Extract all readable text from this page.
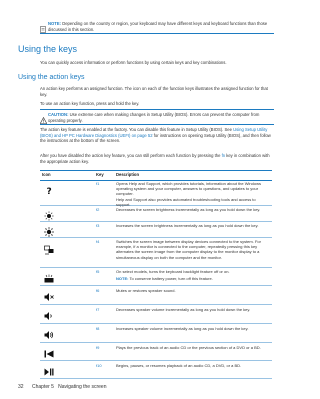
NOTE: Depending on the country or region, your keyboard may have different keys and keyboard functions than those discussed in this section.
Using the keys
You can quickly access information or perform functions by using certain keys and key combinations.
Using the action keys
An action key performs an assigned function. The icon on each of the function keys illustrates the assigned function for that key.
To use an action key function, press and hold the key.
CAUTION: Use extreme care when making changes in Setup Utility (BIOS). Errors can prevent the computer from operating properly.
The action key feature is enabled at the factory. You can disable this feature in Setup Utility (BIOS). See Using Setup Utility (BIOS) and HP PC Hardware Diagnostics (UEFI) on page 52 for instructions on opening Setup Utility (BIOS), and then follow the instructions at the bottom of the screen.
After you have disabled the action key feature, you can still perform each function by pressing the fn key in combination with the appropriate action key.
Icon	Key	Description
?
f1	Opens Help and Support, which provides tutorials, information about the Windows operating system and your computer, answers to questions, and updates to your computer.
Help and Support also provides automated troubleshooting tools and access to support.
f2	Decreases the screen brightness incrementally as long as you hold down the key.
f3	Increases the screen brightness incrementally as long as you hold down the key.
f4	Switches the screen image between display devices connected to the system. For example, if a monitor is connected to the computer, repeatedly pressing this key alternates the screen image from the computer display to the monitor display to a simultaneous display on both the computer and the monitor.
f5	On select models, turns the keyboard backlight feature off or on.
NOTE: To conserve battery power, turn off this feature.
f6	Mutes or restores speaker sound.
f7	Decreases speaker volume incrementally as long as you hold down the key.
f8	Increases speaker volume incrementally as long as you hold down the key.
f9	Plays the previous track of an audio CD or the previous section of a DVD or a BD.
f10	Begins, pauses, or resumes playback of an audio CD, a DVD, or a BD.
32 Chapter 5   Navigating the screen
